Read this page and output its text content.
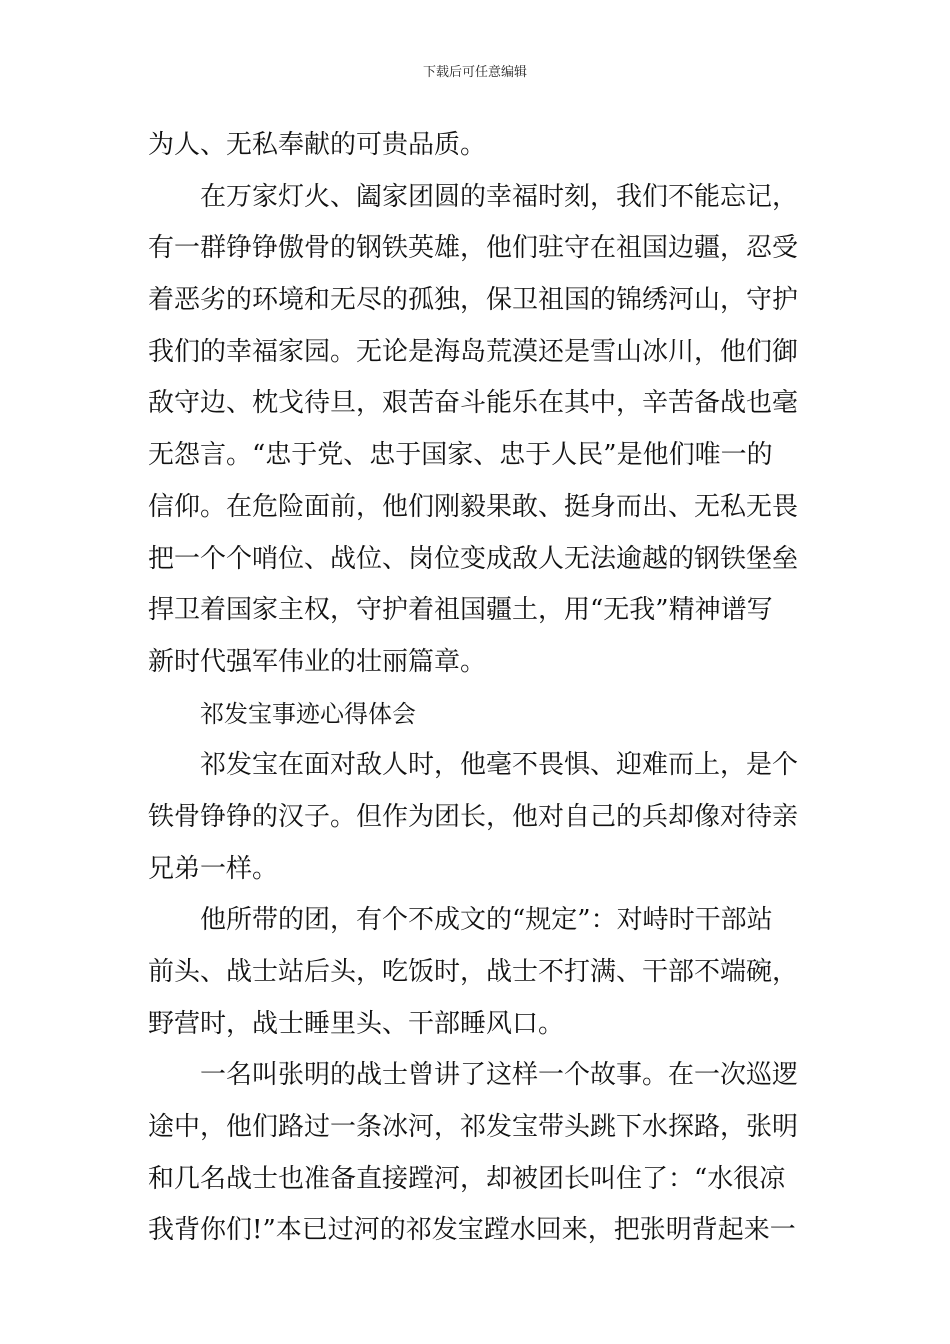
下载后可任意编辑
为人、无私奉献的可贵品质。
在万家灯火、阖家团圆的幸福时刻，我们不能忘记，
有一群铮铮傲骨的钢铁英雄，他们驻守在祖国边疆，忍受
着恶劣的环境和无尽的孤独，保卫祖国的锦绣河山，守护
我们的幸福家园。无论是海岛荒漠还是雪山冰川，他们御
敌守边、枕戈待旦，艰苦奋斗能乐在其中，辛苦备战也毫
无怨言。“忠于党、忠于国家、忠于人民”是他们唯一的
信仰。在危险面前，他们刚毅果敢、挺身而出、无私无畏
把一个个哨位、战位、岗位变成敌人无法逾越的钢铁堡垒
捍卫着国家主权，守护着祖国疆土，用“无我”精神谱写
新时代强军伟业的壮丽篇章。
祁发宝事迹心得体会
祁发宝在面对敌人时，他毫不畏惧、迎难而上，是个
铁骨铮铮的汉子。但作为团长，他对自己的兵却像对待亲
兄弟一样。
他所带的团，有个不成文的“规定”：对峙时干部站
前头、战士站后头，吃饭时，战士不打满、干部不端碗，
野营时，战士睡里头、干部睡风口。
一名叫张明的战士曾讲了这样一个故事。在一次巡逻
途中，他们路过一条冰河，祁发宝带头跳下水探路，张明
和几名战士也准备直接蹚河，却被团长叫住了：“水很凉
我背你们!”本已过河的祁发宝蹚水回来，把张明背起来一
